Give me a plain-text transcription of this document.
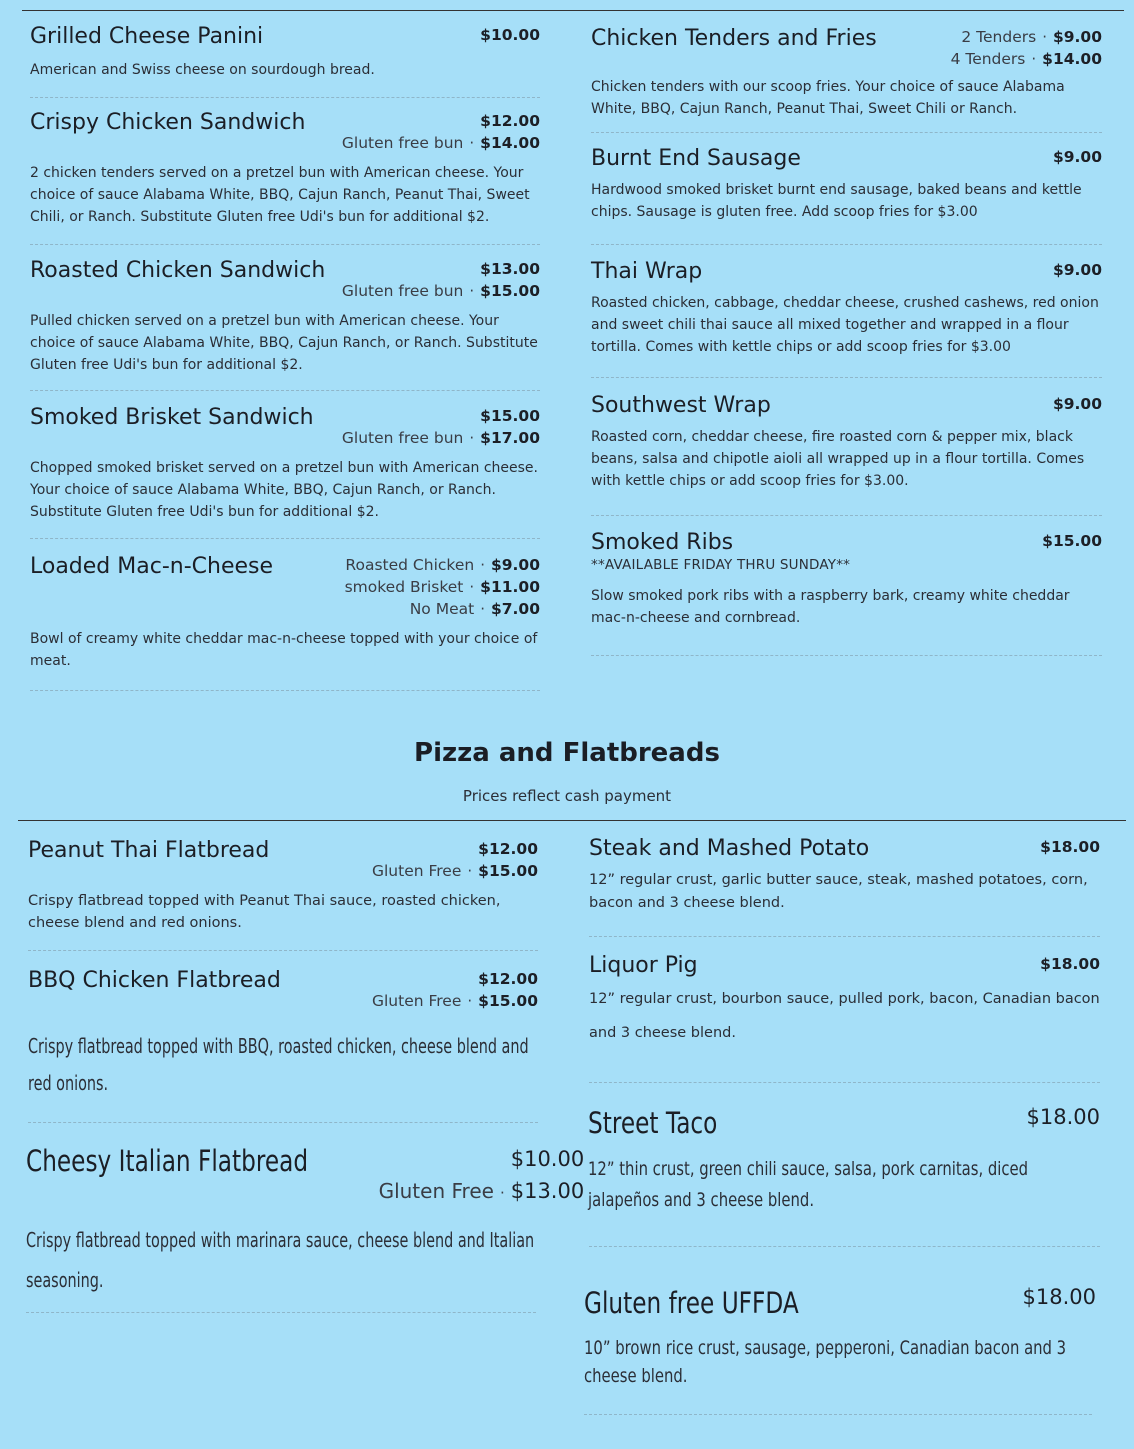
Grilled Cheese Panini	$10.00
American and Swiss cheese on sourdough bread.
Crispy Chicken Sandwich	$12.00
Gluten free bun · $14.00
2 chicken tenders served on a pretzel bun with American cheese. Your choice of sauce Alabama White, BBQ, Cajun Ranch, Peanut Thai, Sweet Chili, or Ranch. Substitute Gluten free Udi's bun for additional $2.
Roasted Chicken Sandwich	$13.00
Gluten free bun · $15.00
Pulled chicken served on a pretzel bun with American cheese. Your choice of sauce Alabama White, BBQ, Cajun Ranch, or Ranch. Substitute Gluten free Udi's bun for additional $2.
Smoked Brisket Sandwich	$15.00
Gluten free bun · $17.00
Chopped smoked brisket served on a pretzel bun with American cheese. Your choice of sauce Alabama White, BBQ, Cajun Ranch, or Ranch. Substitute Gluten free Udi's bun for additional $2.
Loaded Mac-n-Cheese	Roasted Chicken · $9.00
smoked Brisket · $11.00
No Meat · $7.00
Bowl of creamy white cheddar mac-n-cheese topped with your choice of meat.
Chicken Tenders and Fries	2 Tenders · $9.00
4 Tenders · $14.00
Chicken tenders with our scoop fries. Your choice of sauce Alabama White, BBQ, Cajun Ranch, Peanut Thai, Sweet Chili or Ranch.
Burnt End Sausage	$9.00
Hardwood smoked brisket burnt end sausage, baked beans and kettle chips. Sausage is gluten free. Add scoop fries for $3.00
Thai Wrap	$9.00
Roasted chicken, cabbage, cheddar cheese, crushed cashews, red onion and sweet chili thai sauce all mixed together and wrapped in a flour tortilla. Comes with kettle chips or add scoop fries for $3.00
Southwest Wrap	$9.00
Roasted corn, cheddar cheese, fire roasted corn & pepper mix, black beans, salsa and chipotle aioli all wrapped up in a flour tortilla. Comes with kettle chips or add scoop fries for $3.00.
Smoked Ribs	$15.00
**AVAILABLE FRIDAY THRU SUNDAY**
Slow smoked pork ribs with a raspberry bark, creamy white cheddar mac-n-cheese and cornbread.
Pizza and Flatbreads
Prices reflect cash payment
Peanut Thai Flatbread	$12.00
Gluten Free · $15.00
Crispy flatbread topped with Peanut Thai sauce, roasted chicken, cheese blend and red onions.
BBQ Chicken Flatbread	$12.00
Gluten Free · $15.00
Crispy flatbread topped with BBQ, roasted chicken, cheese blend and red onions.
Cheesy Italian Flatbread	$10.00
Gluten Free · $13.00
Crispy flatbread topped with marinara sauce, cheese blend and Italian seasoning.
Steak and Mashed Potato	$18.00
12” regular crust, garlic butter sauce, steak, mashed potatoes, corn, bacon and 3 cheese blend.
Liquor Pig	$18.00
12” regular crust, bourbon sauce, pulled pork, bacon, Canadian bacon and 3 cheese blend.
Street Taco	$18.00
12” thin crust, green chili sauce, salsa, pork carnitas, diced jalapeños and 3 cheese blend.
Gluten free UFFDA	$18.00
10” brown rice crust, sausage, pepperoni, Canadian bacon and 3 cheese blend.
